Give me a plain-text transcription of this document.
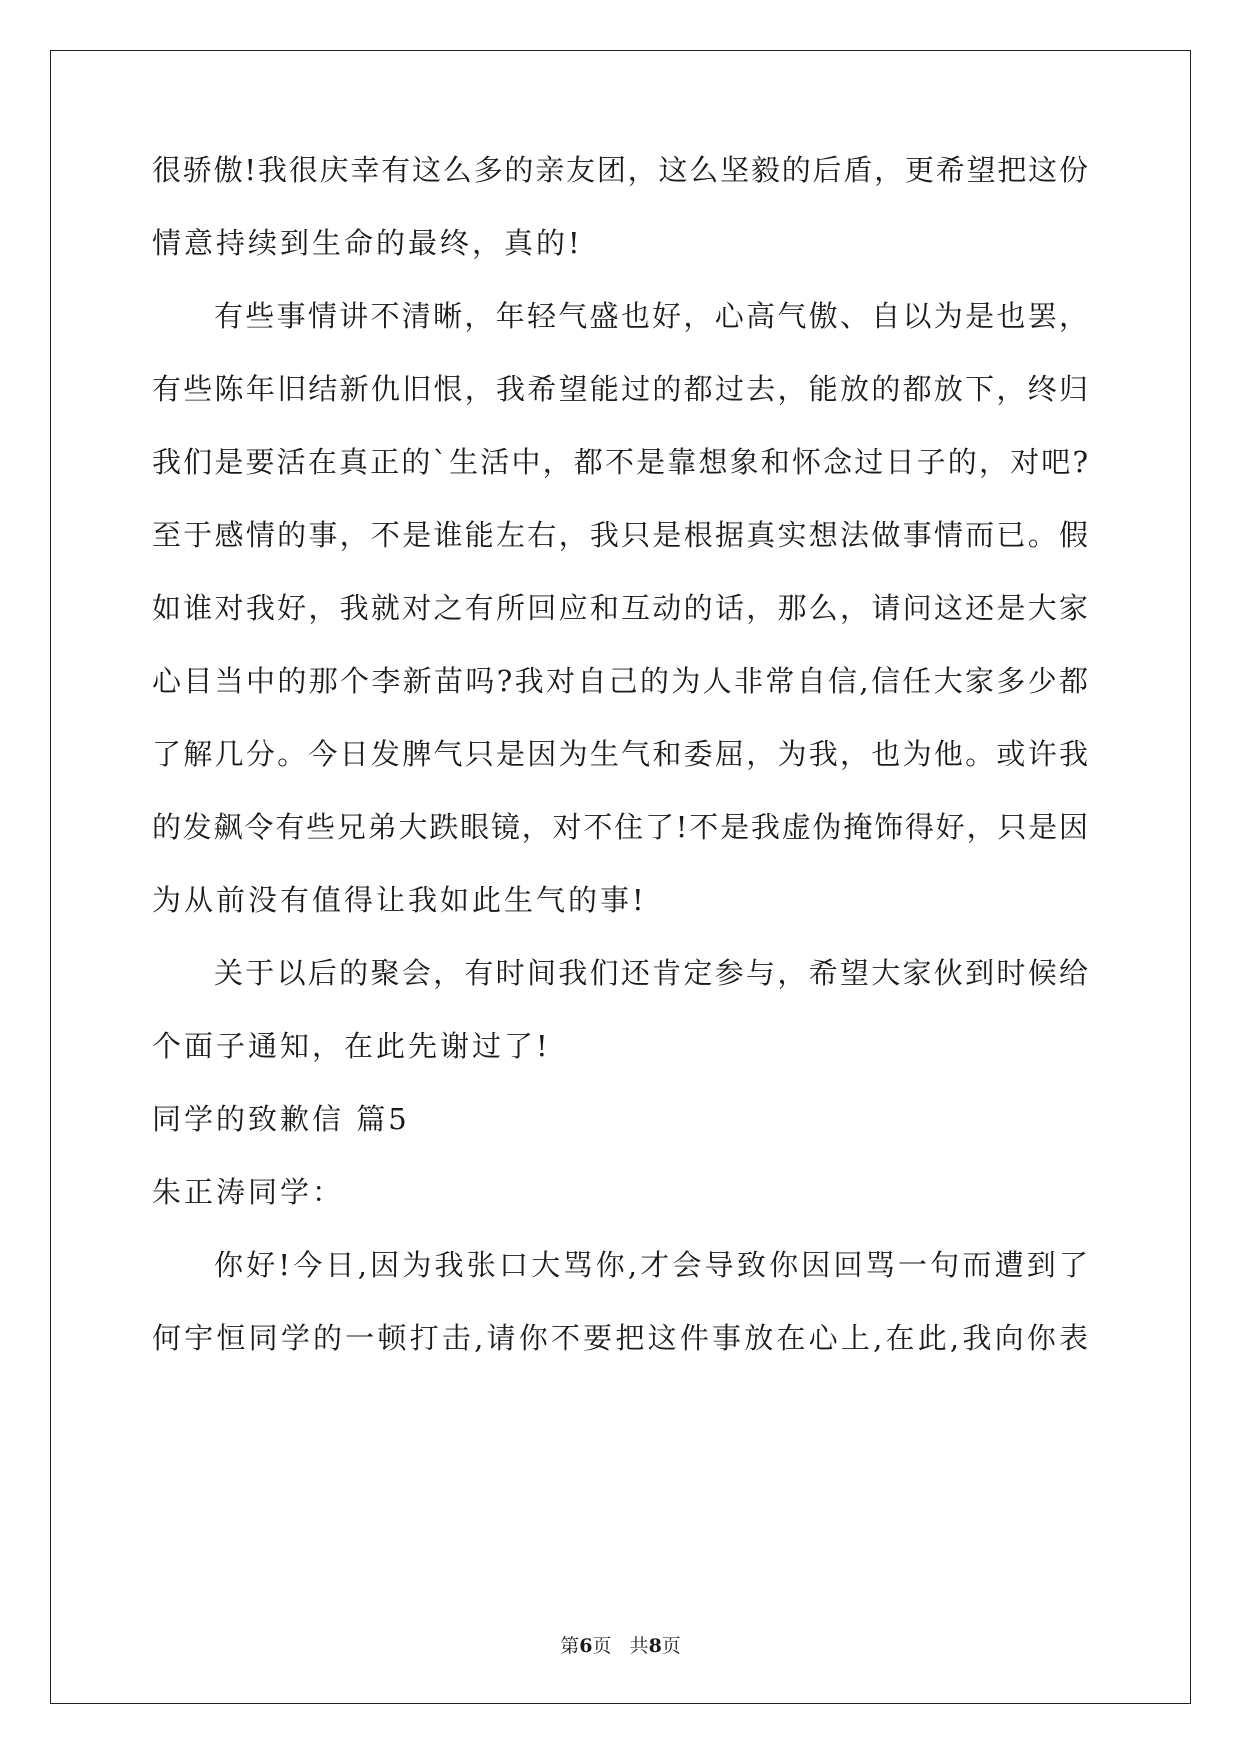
很骄傲!我很庆幸有这么多的亲友团，这么坚毅的后盾，更希望把这份
情意持续到生命的最终，真的!
有些事情讲不清晰，年轻气盛也好，心高气傲、自以为是也罢，
有些陈年旧结新仇旧恨，我希望能过的都过去，能放的都放下，终归
我们是要活在真正的`生活中，都不是靠想象和怀念过日子的，对吧?
至于感情的事，不是谁能左右，我只是根据真实想法做事情而已。假
如谁对我好，我就对之有所回应和互动的话，那么，请问这还是大家
心目当中的那个李新苗吗?我对自己的为人非常自信,信任大家多少都
了解几分。今日发脾气只是因为生气和委屈，为我，也为他。或许我
的发飙令有些兄弟大跌眼镜，对不住了!不是我虚伪掩饰得好，只是因
为从前没有值得让我如此生气的事!
关于以后的聚会，有时间我们还肯定参与，希望大家伙到时候给
个面子通知，在此先谢过了!
同学的致歉信 篇5
朱正涛同学：
你好!今日,因为我张口大骂你,才会导致你因回骂一句而遭到了
何宇恒同学的一顿打击,请你不要把这件事放在心上,在此,我向你表
第6页   共8页
